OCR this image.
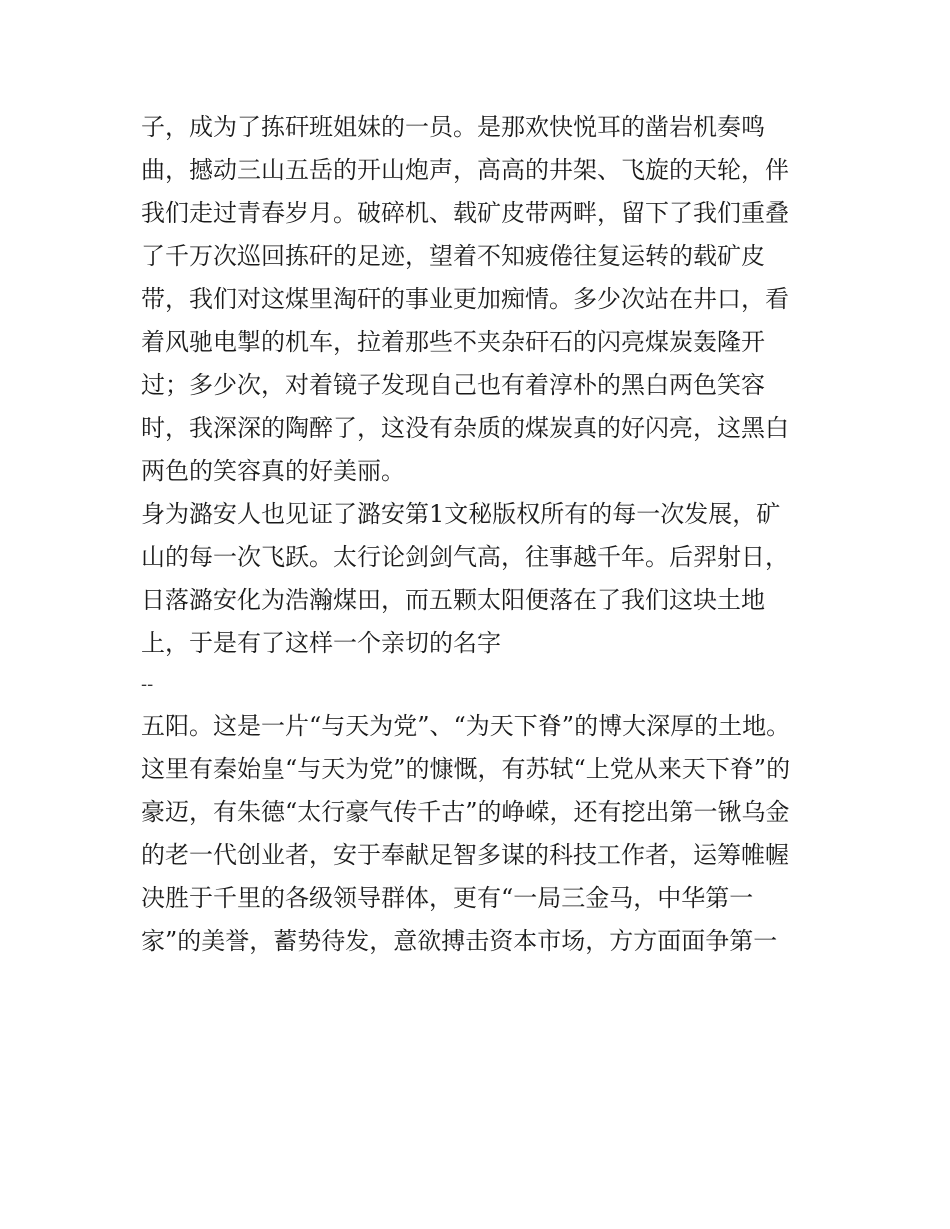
子，成为了拣矸班姐妹的一员。是那欢快悦耳的凿岩机奏鸣
曲，撼动三山五岳的开山炮声，高高的井架、飞旋的天轮，伴
我们走过青春岁月。破碎机、载矿皮带两畔，留下了我们重叠
了千万次巡回拣矸的足迹，望着不知疲倦往复运转的载矿皮
带，我们对这煤里淘矸的事业更加痴情。多少次站在井口，看
着风驰电掣的机车，拉着那些不夹杂矸石的闪亮煤炭轰隆开
过；多少次，对着镜子发现自己也有着淳朴的黑白两色笑容
时，我深深的陶醉了，这没有杂质的煤炭真的好闪亮，这黑白
两色的笑容真的好美丽。
身为潞安人也见证了潞安第1文秘版权所有的每一次发展，矿
山的每一次飞跃。太行论剑剑气高，往事越千年。后羿射日，
日落潞安化为浩瀚煤田，而五颗太阳便落在了我们这块土地
上，于是有了这样一个亲切的名字
--
五阳。这是一片“与天为党”、“为天下脊”的博大深厚的土地。
这里有秦始皇“与天为党”的慷慨，有苏轼“上党从来天下脊”的
豪迈，有朱德“太行豪气传千古”的峥嵘，还有挖出第一锹乌金
的老一代创业者，安于奉献足智多谋的科技工作者，运筹帷幄
决胜于千里的各级领导群体，更有“一局三金马，中华第一
家”的美誉，蓄势待发，意欲搏击资本市场，方方面面争第一
